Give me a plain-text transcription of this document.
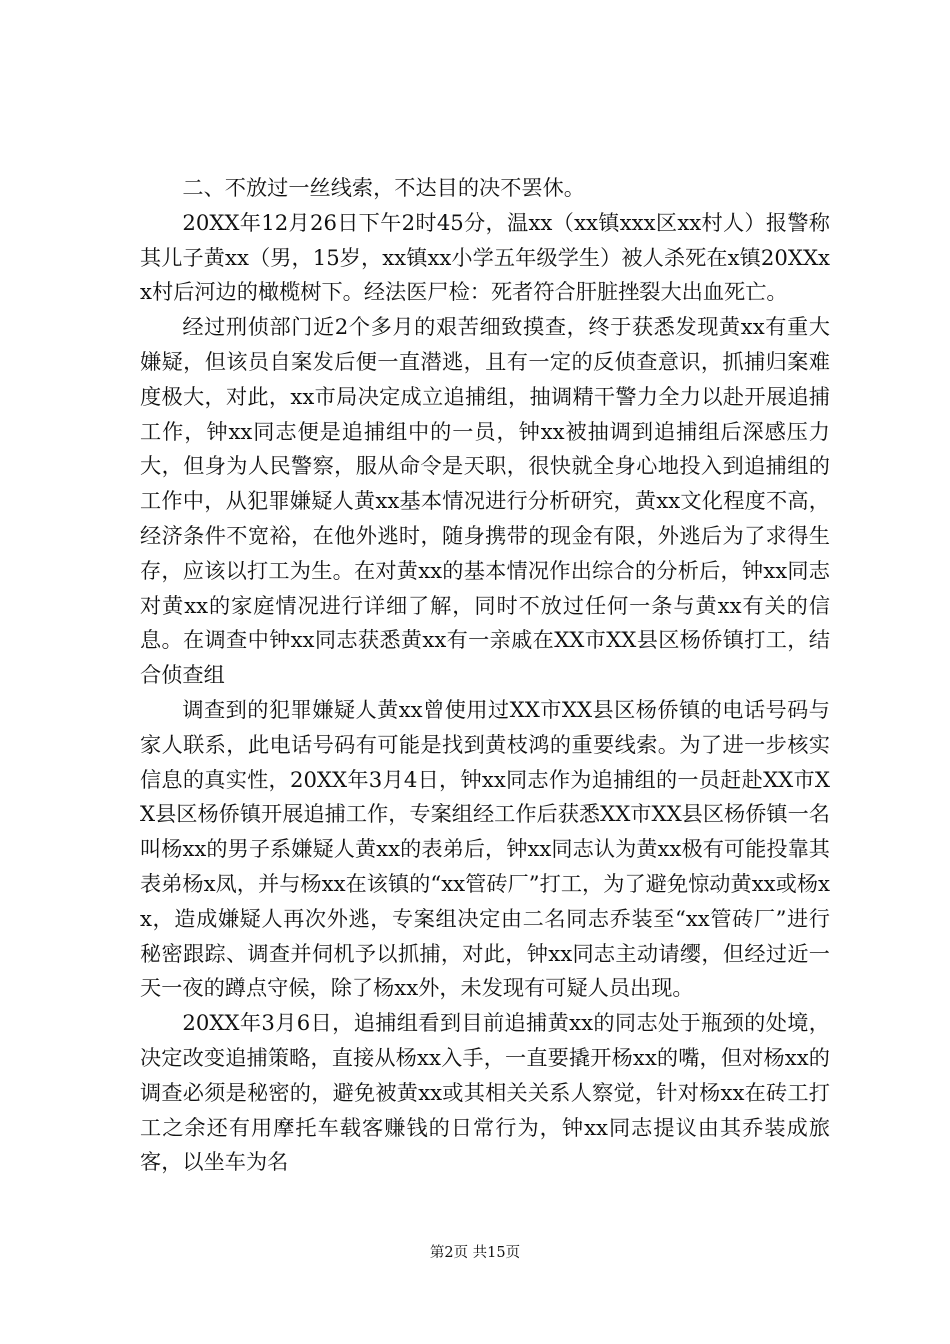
二、不放过一丝线索，不达目的决不罢休。

20XX年12月26日下午2时45分，温xx（xx镇xxx区xx村人）报警称其儿子黄xx（男，15岁，xx镇xx小学五年级学生）被人杀死在x镇20XXxx村后河边的橄榄树下。经法医尸检：死者符合肝脏挫裂大出血死亡。

经过刑侦部门近2个多月的艰苦细致摸查，终于获悉发现黄xx有重大嫌疑，但该员自案发后便一直潜逃，且有一定的反侦查意识，抓捕归案难度极大，对此，xx市局决定成立追捕组，抽调精干警力全力以赴开展追捕工作，钟xx同志便是追捕组中的一员，钟xx被抽调到追捕组后深感压力大，但身为人民警察，服从命令是天职，很快就全身心地投入到追捕组的工作中，从犯罪嫌疑人黄xx基本情况进行分析研究，黄xx文化程度不高，经济条件不宽裕，在他外逃时，随身携带的现金有限，外逃后为了求得生存，应该以打工为生。在对黄xx的基本情况作出综合的分析后，钟xx同志对黄xx的家庭情况进行详细了解，同时不放过任何一条与黄xx有关的信息。在调查中钟xx同志获悉黄xx有一亲戚在XX市XX县区杨侨镇打工，结合侦查组

调查到的犯罪嫌疑人黄xx曾使用过XX市XX县区杨侨镇的电话号码与家人联系，此电话号码有可能是找到黄枝鸿的重要线索。为了进一步核实信息的真实性，20XX年3月4日，钟xx同志作为追捕组的一员赶赴XX市XX县区杨侨镇开展追捕工作，专案组经工作后获悉XX市XX县区杨侨镇一名叫杨xx的男子系嫌疑人黄xx的表弟后，钟xx同志认为黄xx极有可能投靠其表弟杨x凤，并与杨xx在该镇的“xx管砖厂”打工，为了避免惊动黄xx或杨xx，造成嫌疑人再次外逃，专案组决定由二名同志乔装至“xx管砖厂”进行秘密跟踪、调查并伺机予以抓捕，对此，钟xx同志主动请缨，但经过近一天一夜的蹲点守候，除了杨xx外，未发现有可疑人员出现。

20XX年3月6日，追捕组看到目前追捕黄xx的同志处于瓶颈的处境，决定改变追捕策略，直接从杨xx入手，一直要撬开杨xx的嘴，但对杨xx的调查必须是秘密的，避免被黄xx或其相关关系人察觉，针对杨xx在砖工打工之余还有用摩托车载客赚钱的日常行为，钟xx同志提议由其乔装成旅客，以坐车为名

第2页 共15页
